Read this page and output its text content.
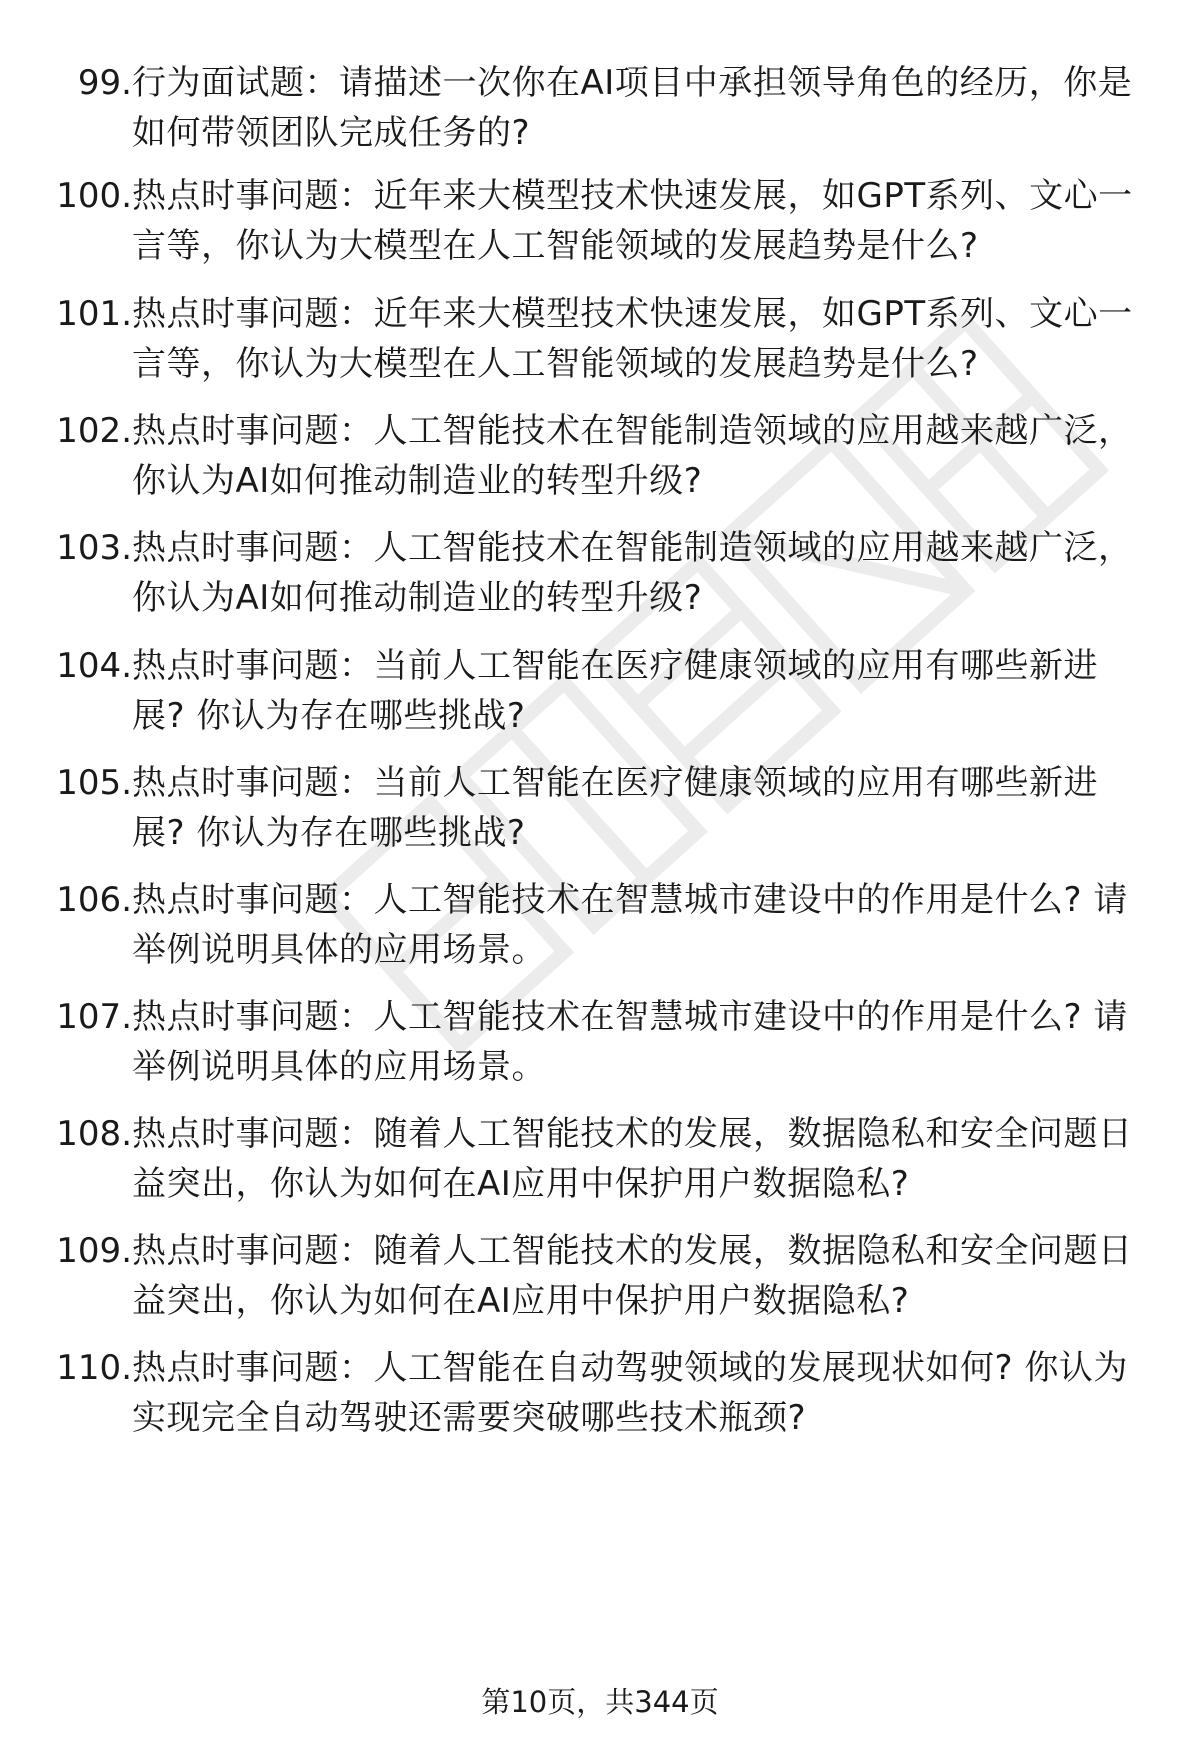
99. 行为面试题：请描述一次你在AI项目中承担领导角色的经历，你是如何带领团队完成任务的?
100. 热点时事问题：近年来大模型技术快速发展，如GPT系列、文心一言等，你认为大模型在人工智能领域的发展趋势是什么?
101. 热点时事问题：近年来大模型技术快速发展，如GPT系列、文心一言等，你认为大模型在人工智能领域的发展趋势是什么?
102. 热点时事问题：人工智能技术在智能制造领域的应用越来越广泛，你认为AI如何推动制造业的转型升级?
103. 热点时事问题：人工智能技术在智能制造领域的应用越来越广泛，你认为AI如何推动制造业的转型升级?
104. 热点时事问题：当前人工智能在医疗健康领域的应用有哪些新进展? 你认为存在哪些挑战?
105. 热点时事问题：当前人工智能在医疗健康领域的应用有哪些新进展? 你认为存在哪些挑战?
106. 热点时事问题：人工智能技术在智慧城市建设中的作用是什么? 请举例说明具体的应用场景。
107. 热点时事问题：人工智能技术在智慧城市建设中的作用是什么? 请举例说明具体的应用场景。
108. 热点时事问题：随着人工智能技术的发展，数据隐私和安全问题日益突出，你认为如何在AI应用中保护用户数据隐私?
109. 热点时事问题：随着人工智能技术的发展，数据隐私和安全问题日益突出，你认为如何在AI应用中保护用户数据隐私?
110. 热点时事问题：人工智能在自动驾驶领域的发展现状如何? 你认为实现完全自动驾驶还需要突破哪些技术瓶颈?
第10页，共344页
